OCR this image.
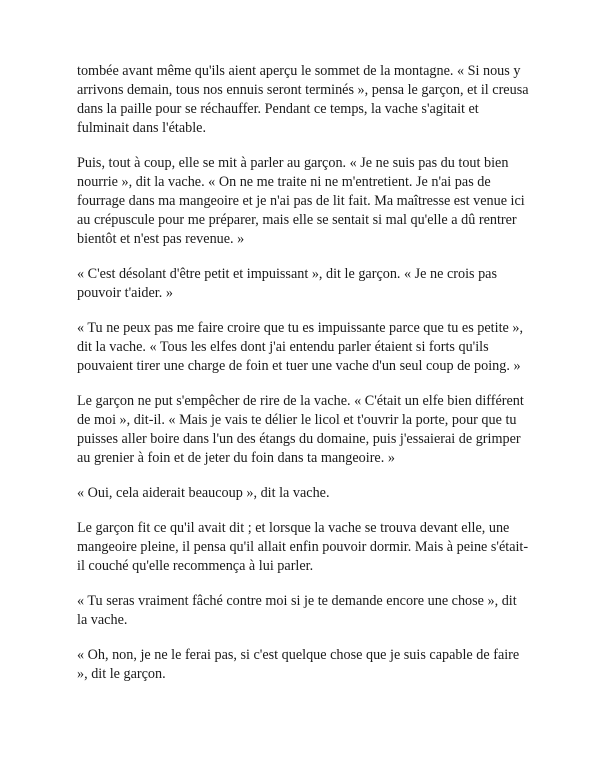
tombée avant même qu'ils aient aperçu le sommet de la montagne. « Si nous y arrivons demain, tous nos ennuis seront terminés », pensa le garçon, et il creusa dans la paille pour se réchauffer. Pendant ce temps, la vache s'agitait et fulminait dans l'étable.

Puis, tout à coup, elle se mit à parler au garçon. « Je ne suis pas du tout bien nourrie », dit la vache. « On ne me traite ni ne m'entretient. Je n'ai pas de fourrage dans ma mangeoire et je n'ai pas de lit fait. Ma maîtresse est venue ici au crépuscule pour me préparer, mais elle se sentait si mal qu'elle a dû rentrer bientôt et n'est pas revenue. »

« C'est désolant d'être petit et impuissant », dit le garçon. « Je ne crois pas pouvoir t'aider. »

« Tu ne peux pas me faire croire que tu es impuissante parce que tu es petite », dit la vache. « Tous les elfes dont j'ai entendu parler étaient si forts qu'ils pouvaient tirer une charge de foin et tuer une vache d'un seul coup de poing. »

Le garçon ne put s'empêcher de rire de la vache. « C'était un elfe bien différent de moi », dit-il. « Mais je vais te délier le licol et t'ouvrir la porte, pour que tu puisses aller boire dans l'un des étangs du domaine, puis j'essaierai de grimper au grenier à foin et de jeter du foin dans ta mangeoire. »

« Oui, cela aiderait beaucoup », dit la vache.

Le garçon fit ce qu'il avait dit ; et lorsque la vache se trouva devant elle, une mangeoire pleine, il pensa qu'il allait enfin pouvoir dormir. Mais à peine s'était-il couché qu'elle recommença à lui parler.

« Tu seras vraiment fâché contre moi si je te demande encore une chose », dit la vache.

« Oh, non, je ne le ferai pas, si c'est quelque chose que je suis capable de faire », dit le garçon.
